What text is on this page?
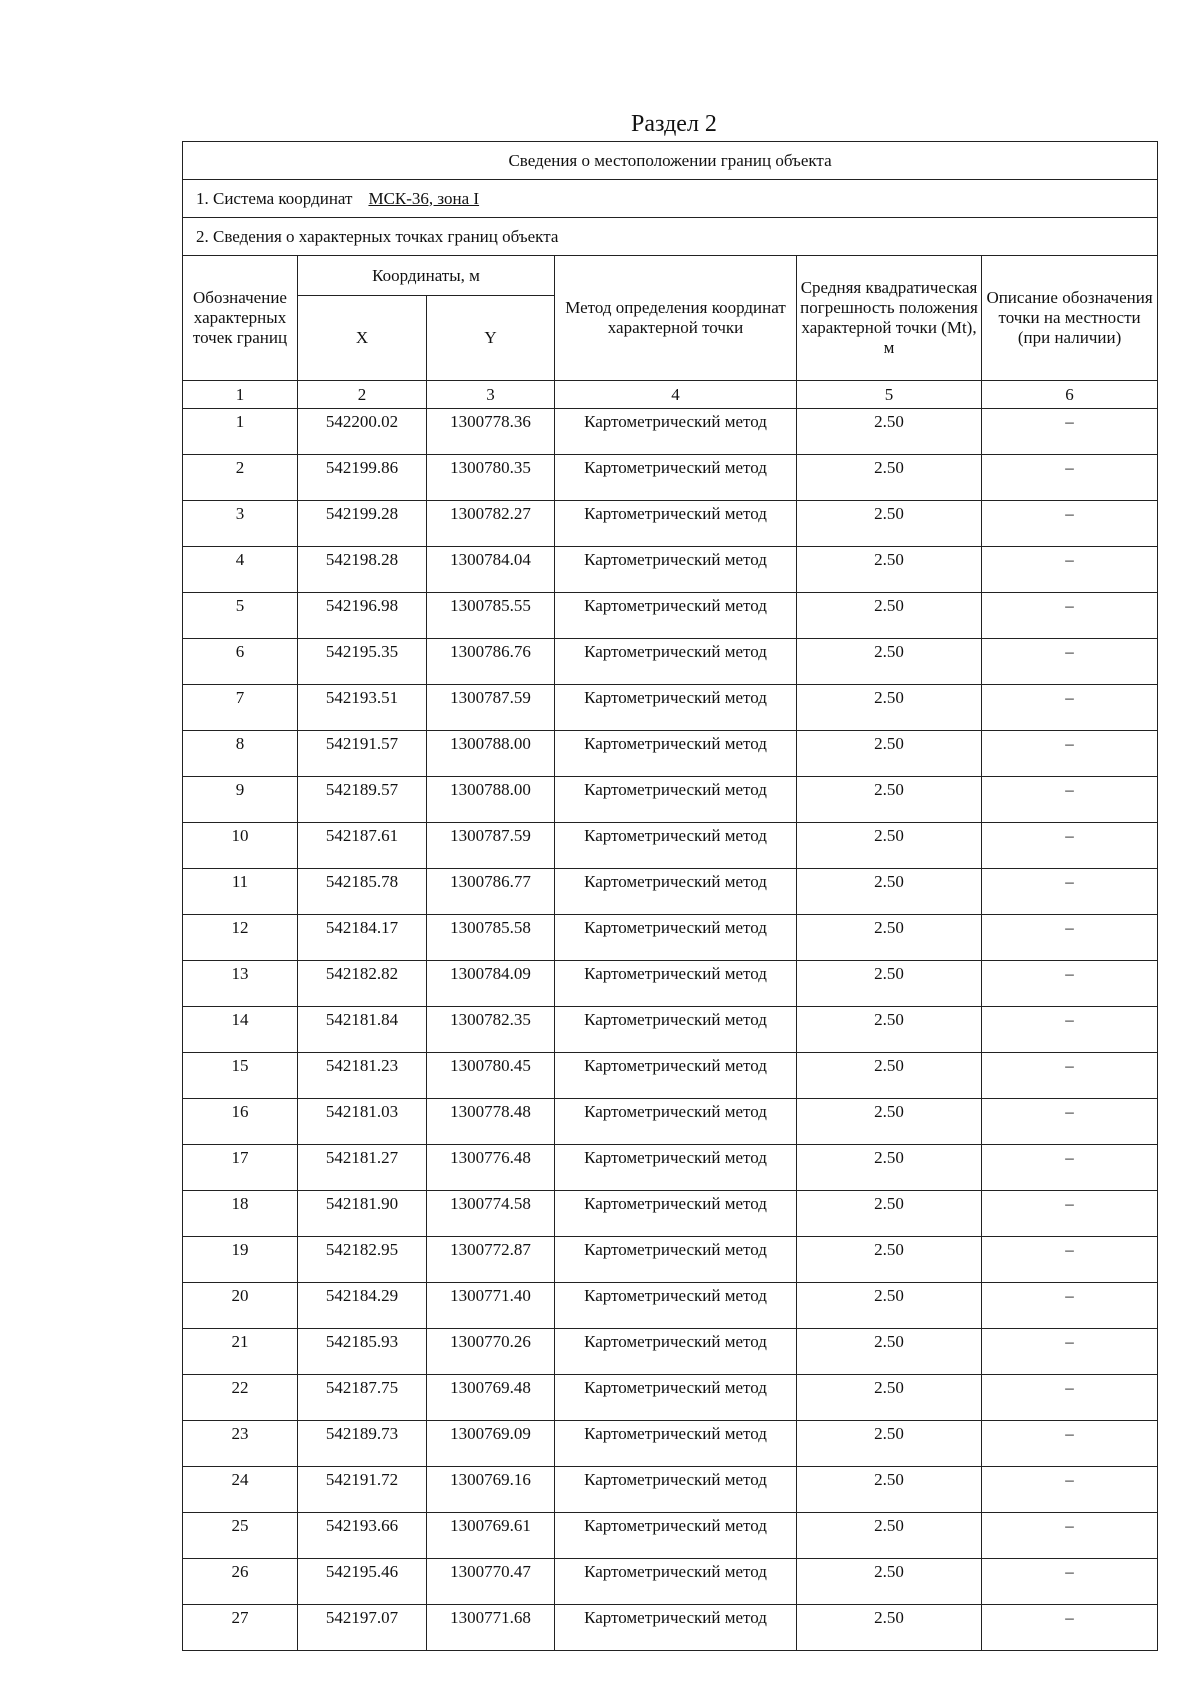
Раздел 2
Сведения о местоположении границ объекта					
1. Система координат МСК-36, зона I					
2. Сведения о характерных точках границ объекта					
Обозначение характерных точек границ	Координаты, м		Метод определения координат характерной точки	Средняя квадратическая погрешность положения характерной точки (Mt), м	Описание обозначения точки на местности (при наличии)
	X	Y			
1	2	3	4	5	6
1	542200.02	1300778.36	Картометрический метод	2.50	–
2	542199.86	1300780.35	Картометрический метод	2.50	–
3	542199.28	1300782.27	Картометрический метод	2.50	–
4	542198.28	1300784.04	Картометрический метод	2.50	–
5	542196.98	1300785.55	Картометрический метод	2.50	–
6	542195.35	1300786.76	Картометрический метод	2.50	–
7	542193.51	1300787.59	Картометрический метод	2.50	–
8	542191.57	1300788.00	Картометрический метод	2.50	–
9	542189.57	1300788.00	Картометрический метод	2.50	–
10	542187.61	1300787.59	Картометрический метод	2.50	–
11	542185.78	1300786.77	Картометрический метод	2.50	–
12	542184.17	1300785.58	Картометрический метод	2.50	–
13	542182.82	1300784.09	Картометрический метод	2.50	–
14	542181.84	1300782.35	Картометрический метод	2.50	–
15	542181.23	1300780.45	Картометрический метод	2.50	–
16	542181.03	1300778.48	Картометрический метод	2.50	–
17	542181.27	1300776.48	Картометрический метод	2.50	–
18	542181.90	1300774.58	Картометрический метод	2.50	–
19	542182.95	1300772.87	Картометрический метод	2.50	–
20	542184.29	1300771.40	Картометрический метод	2.50	–
21	542185.93	1300770.26	Картометрический метод	2.50	–
22	542187.75	1300769.48	Картометрический метод	2.50	–
23	542189.73	1300769.09	Картометрический метод	2.50	–
24	542191.72	1300769.16	Картометрический метод	2.50	–
25	542193.66	1300769.61	Картометрический метод	2.50	–
26	542195.46	1300770.47	Картометрический метод	2.50	–
27	542197.07	1300771.68	Картометрический метод	2.50	–
